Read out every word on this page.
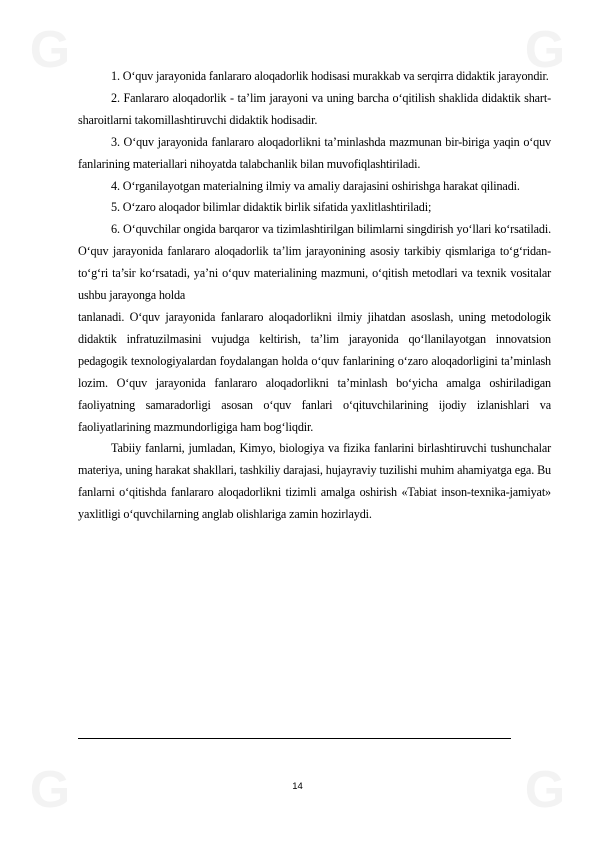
G	G
G	G

1. O‘quv jarayonida fanlararo aloqadorlik hodisasi murakkab va serqirra didaktik jarayondir.

2. Fanlararo aloqadorlik - ta’lim jarayoni va uning barcha o‘qitilish shaklida didaktik shart-sharoitlarni takomillashtiruvchi didaktik hodisadir.

3. O‘quv jarayonida fanlararo aloqadorlikni ta’minlashda mazmunan bir-biriga yaqin o‘quv fanlarining materiallari nihoyatda talabchanlik bilan muvofiqlashtiriladi.

4. O‘rganilayotgan materialning ilmiy va amaliy darajasini oshirishga harakat qilinadi.

5. O‘zaro aloqador bilimlar didaktik birlik sifatida yaxlitlashtiriladi;

6. O‘quvchilar ongida barqaror va tizimlashtirilgan bilimlarni singdirish yo‘llari ko‘rsatiladi. O‘quv jarayonida fanlararo aloqadorlik ta’lim jarayonining asosiy tarkibiy qismlariga to‘g‘ridan-to‘g‘ri ta’sir ko‘rsatadi, ya’ni o‘quv materialining mazmuni, o‘qitish metodlari va texnik vositalar ushbu jarayonga holda

tanlanadi. O‘quv jarayonida fanlararo aloqadorlikni ilmiy jihatdan asoslash, uning metodologik didaktik infratuzilmasini vujudga keltirish, ta’lim jarayonida qo‘llanilayotgan innovatsion pedagogik texnologiyalardan foydalangan holda o‘quv fanlarining o‘zaro aloqadorligini ta’minlash lozim. O‘quv jarayonida fanlararo aloqadorlikni ta’minlash bo‘yicha amalga oshiriladigan faoliyatning samaradorligi asosan o‘quv fanlari o‘qituvchilarining ijodiy izlanishlari va faoliyatlarining mazmundorligiga ham bog‘liqdir.

Tabiiy fanlarni, jumladan, Kimyo, biologiya va fizika fanlarini birlashtiruvchi tushunchalar materiya, uning harakat shakllari, tashkiliy darajasi, hujayraviy tuzilishi muhim ahamiyatga ega. Bu fanlarni o‘qitishda fanlararo aloqadorlikni tizimli amalga oshirish «Tabiat inson-texnika-jamiyat» yaxlitligi o‘quvchilarning anglab olishlariga zamin hozirlaydi.

14
